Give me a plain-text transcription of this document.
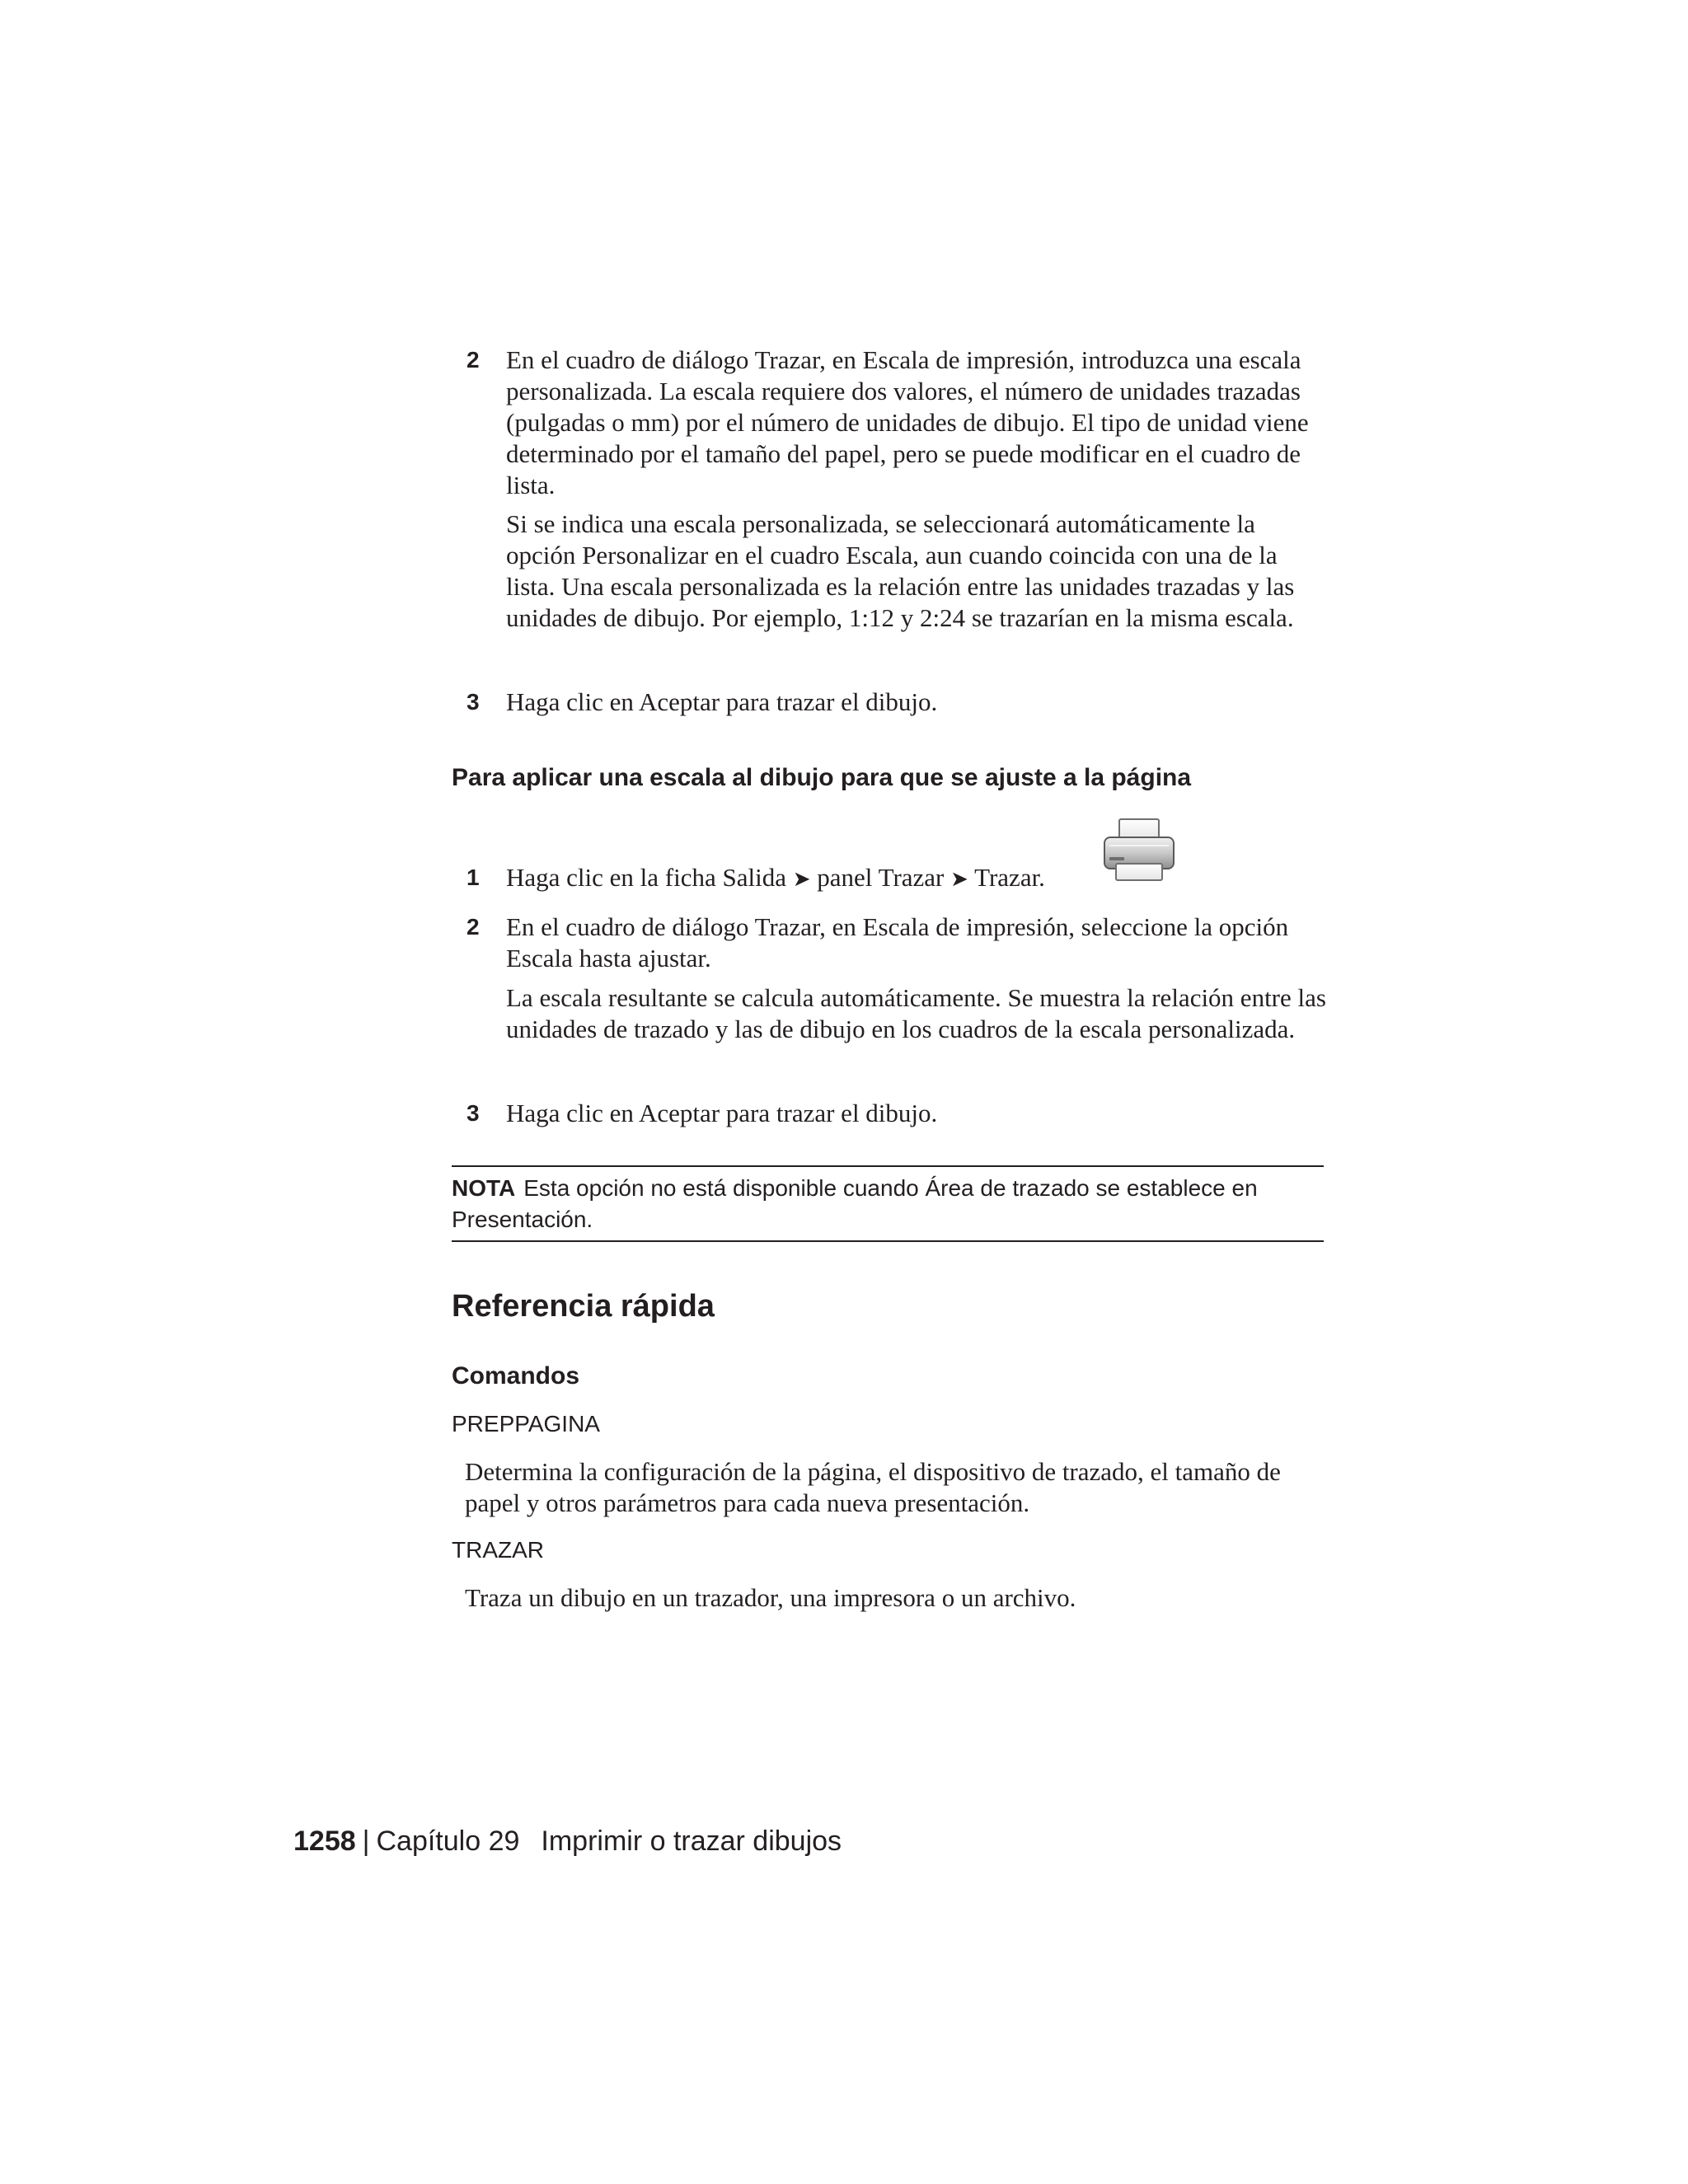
2	En el cuadro de diálogo Trazar, en Escala de impresión, introduzca una escala personalizada. La escala requiere dos valores, el número de unidades trazadas (pulgadas o mm) por el número de unidades de dibujo. El tipo de unidad viene determinado por el tamaño del papel, pero se puede modificar en el cuadro de lista.
Si se indica una escala personalizada, se seleccionará automáticamente la opción Personalizar en el cuadro Escala, aun cuando coincida con una de la lista. Una escala personalizada es la relación entre las unidades trazadas y las unidades de dibujo. Por ejemplo, 1:12 y 2:24 se trazarían en la misma escala.
3	Haga clic en Aceptar para trazar el dibujo.
Para aplicar una escala al dibujo para que se ajuste a la página
1	Haga clic en la ficha Salida ➤ panel Trazar ➤ Trazar.
2	En el cuadro de diálogo Trazar, en Escala de impresión, seleccione la opción Escala hasta ajustar.
La escala resultante se calcula automáticamente. Se muestra la relación entre las unidades de trazado y las de dibujo en los cuadros de la escala personalizada.
3	Haga clic en Aceptar para trazar el dibujo.
NOTA Esta opción no está disponible cuando Área de trazado se establece en Presentación.
Referencia rápida
Comandos
PREPPAGINA
Determina la configuración de la página, el dispositivo de trazado, el tamaño de papel y otros parámetros para cada nueva presentación.
TRAZAR
Traza un dibujo en un trazador, una impresora o un archivo.
1258 | Capítulo 29 Imprimir o trazar dibujos
